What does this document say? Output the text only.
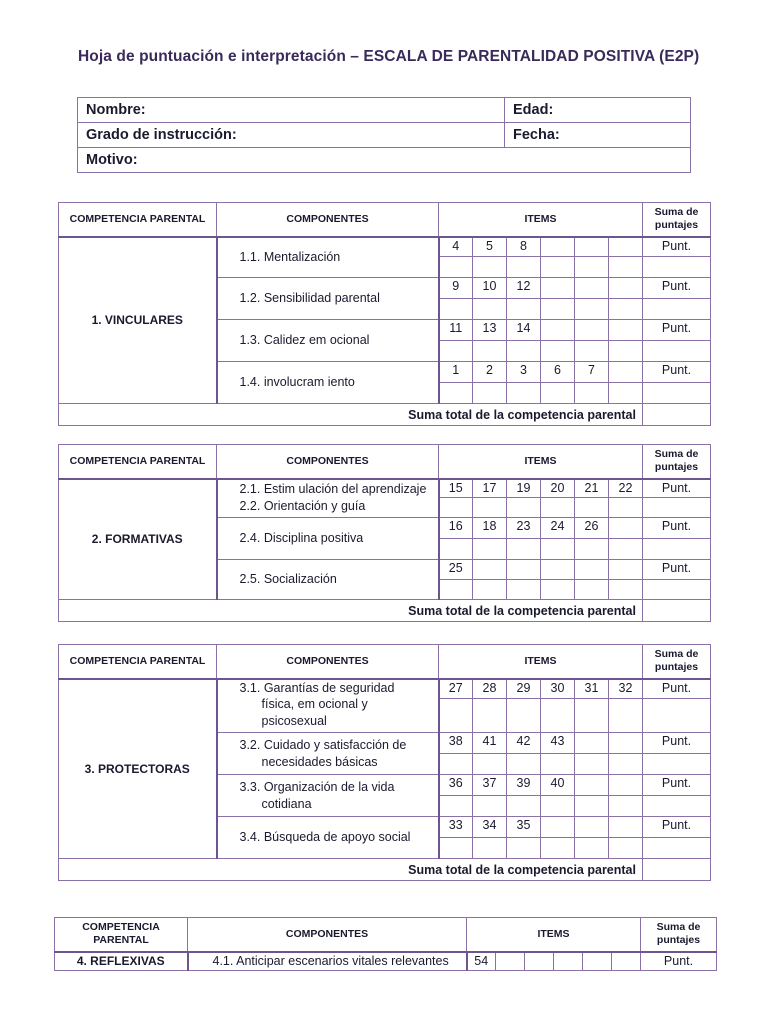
Hoja de puntuación e interpretación – ESCALA DE PARENTALIDAD POSITIVA (E2P)
Nombre:	Edad:
Grado de instrucción:	Fecha:
Motivo:	
COMPETENCIA PARENTAL	COMPONENTES	ITEMS						Suma de
puntajes
1. VINCULARES	1.1. Mentalización	4	5	8				Punt.

	1.2. Sensibilidad parental	9	10	12				Punt.

	1.3. Calidez em ocional	11	13	14				Punt.

	1.4. involucram iento	1	2	3	6	7		Punt.

Suma total de la competencia parental								
COMPETENCIA PARENTAL	COMPONENTES	ITEMS						Suma de
puntajes
2. FORMATIVAS	2.1. Estim ulación del aprendizaje
2.2. Orientación y guía	15	17	19	20	21	22	Punt.

	2.4. Disciplina positiva	16	18	23	24	26		Punt.

	2.5. Socialización	25						Punt.

Suma total de la competencia parental								
COMPETENCIA PARENTAL	COMPONENTES	ITEMS						Suma de
puntajes
3. PROTECTORAS	3.1. Garantías de seguridad
física, em ocional y
psicosexual	27	28	29	30	31	32	Punt.

	3.2. Cuidado y satisfacción de
necesidades básicas	38	41	42	43			Punt.

	3.3. Organización de la vida
cotidiana	36	37	39	40			Punt.

	3.4. Búsqueda de apoyo social	33	34	35				Punt.

Suma total de la competencia parental								
COMPETENCIA
PARENTAL	COMPONENTES	ITEMS						Suma de
puntajes
4. REFLEXIVAS	4.1. Anticipar escenarios vitales relevantes	54						Punt.
